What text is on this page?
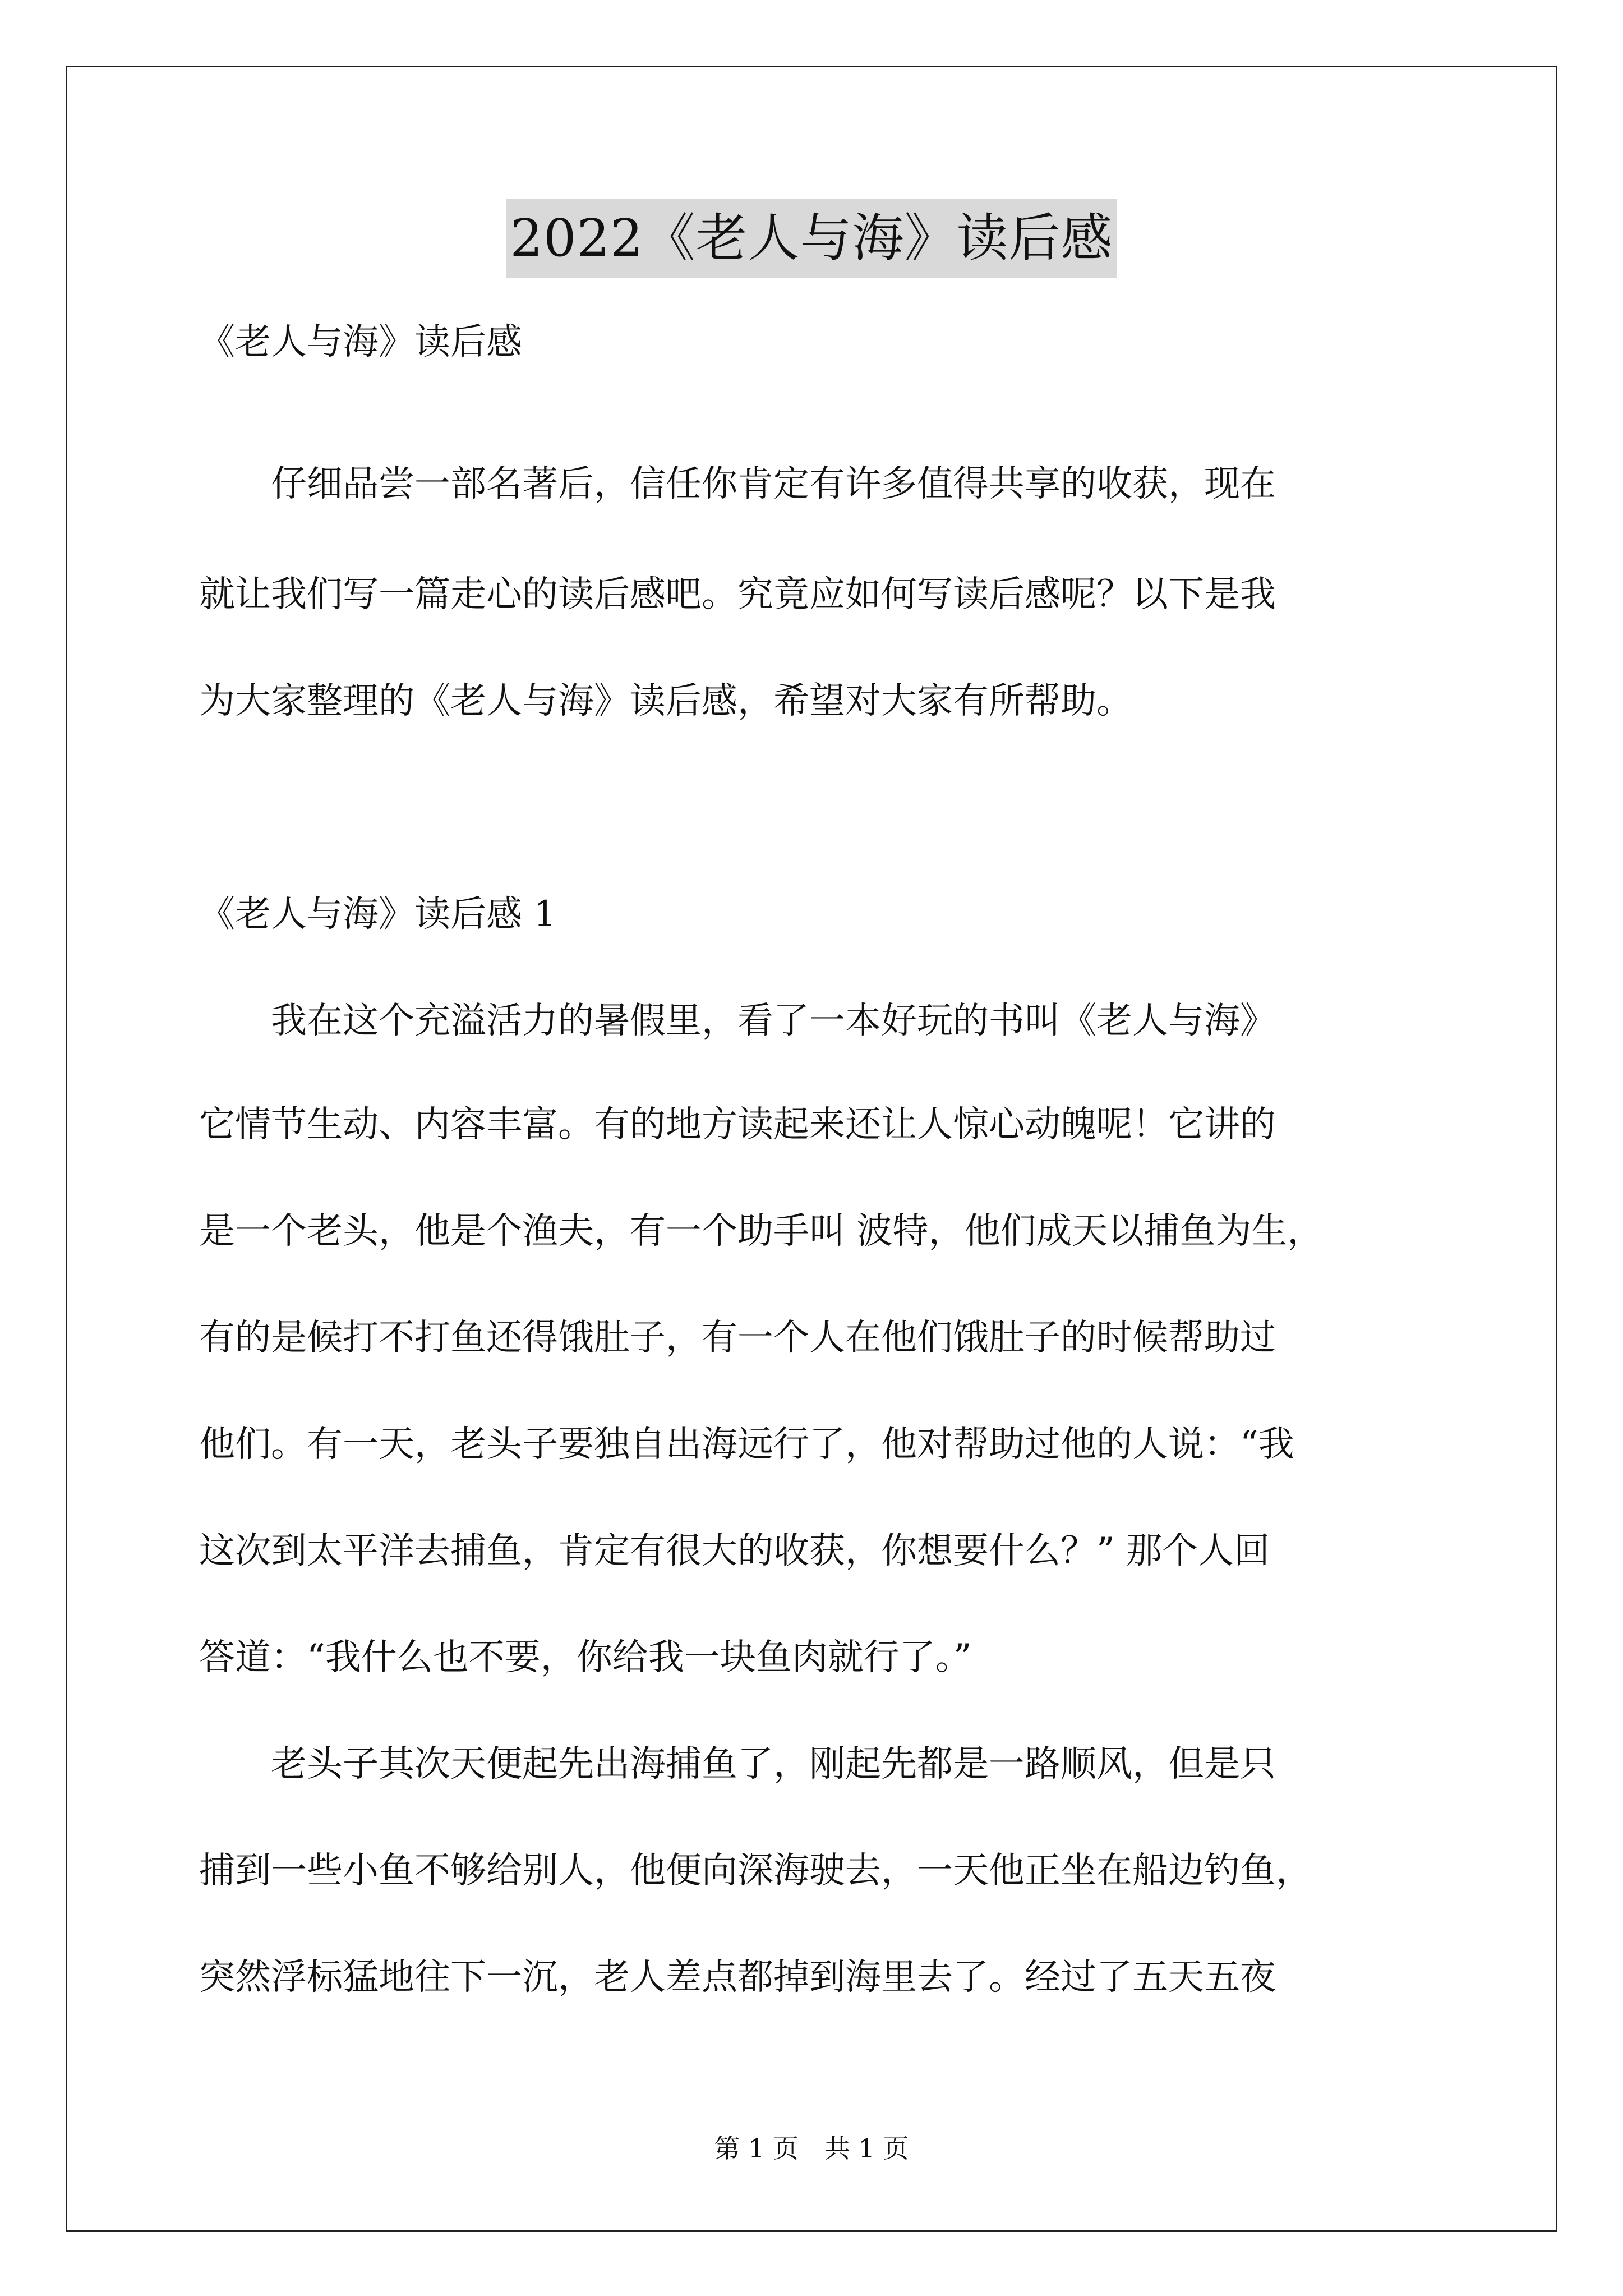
2022《老人与海》读后感
《老人与海》读后感
　　仔细品尝一部名著后，信任你肯定有许多值得共享的收获，现在
就让我们写一篇走心的读后感吧。究竟应如何写读后感呢？以下是我
为大家整理的《老人与海》读后感，希望对大家有所帮助。
《老人与海》读后感 1
　　我在这个充溢活力的暑假里，看了一本好玩的书叫《老人与海》
它情节生动、内容丰富。有的地方读起来还让人惊心动魄呢！它讲的
是一个老头，他是个渔夫，有一个助手叫 波特，他们成天以捕鱼为生，
有的是候打不打鱼还得饿肚子，有一个人在他们饿肚子的时候帮助过
他们。有一天，老头子要独自出海远行了，他对帮助过他的人说：“我
这次到太平洋去捕鱼，肯定有很大的收获，你想要什么？” 那个人回
答道：“我什么也不要，你给我一块鱼肉就行了。”
　　老头子其次天便起先出海捕鱼了，刚起先都是一路顺风，但是只
捕到一些小鱼不够给别人，他便向深海驶去，一天他正坐在船边钓鱼，
突然浮标猛地往下一沉，老人差点都掉到海里去了。经过了五天五夜
第 1 页　共 1 页
